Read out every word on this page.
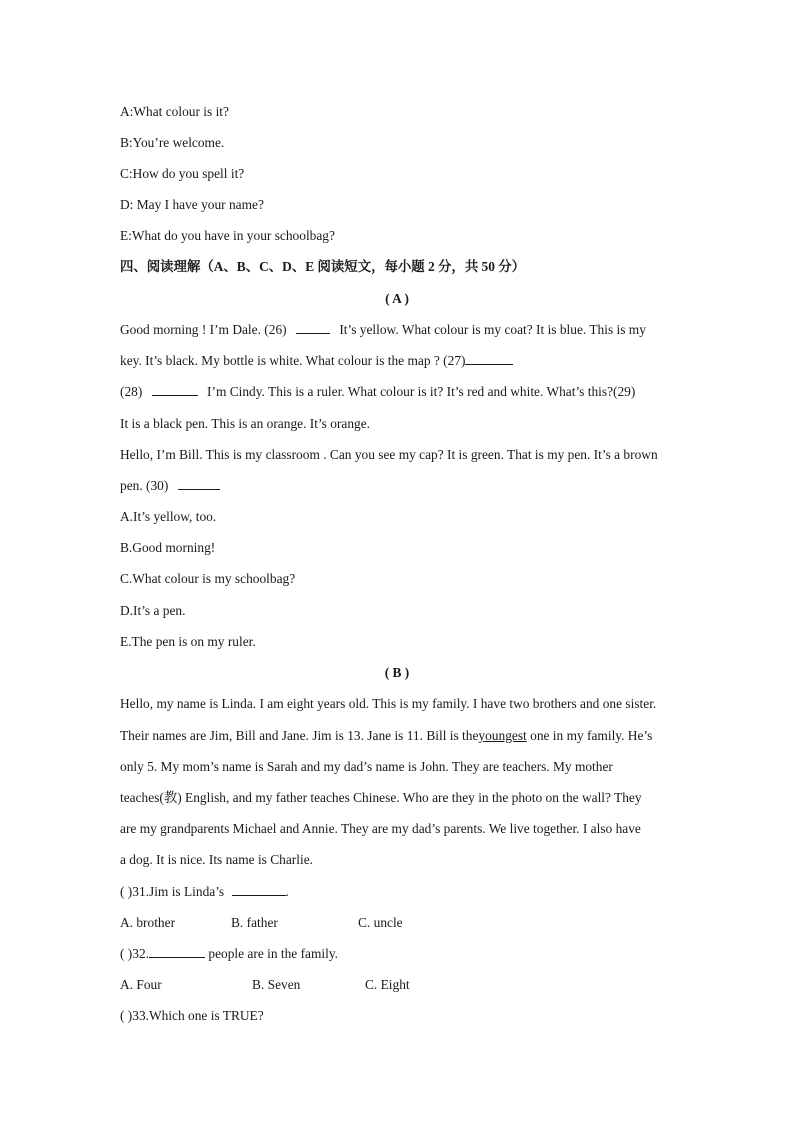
A:What colour is it?
B:You’re welcome.
C:How do you spell it?
D: May I have your name?
E:What do you have in your schoolbag?
四、阅读理解（A、B、C、D、E 阅读短文，每小题 2 分，共 50 分）
( A )
Good morning ! I’m Dale. (26)	It’s yellow. What colour is my coat? It is blue. This is my
key. It’s black. My bottle is white. What colour is the map ? (27)
(28)	I’m Cindy. This is a ruler. What colour is it? It’s red and white. What’s this?(29)
It is a black pen. This is an orange. It’s orange.
Hello, I’m Bill. This is my classroom . Can you see my cap? It is green. That is my pen. It’s a brown
pen. (30)
A.It’s yellow, too.
B.Good morning!
C.What colour is my schoolbag?
D.It’s a pen.
E.The pen is on my ruler.
( B )
Hello, my name is Linda. I am eight years old. This is my family. I have two brothers and one sister.
Their names are Jim, Bill and Jane. Jim is 13. Jane is 11. Bill is theyoungest one in my family. He’s
only 5. My mom’s name is Sarah and my dad’s name is John. They are teachers. My mother
teaches(教) English, and my father teaches Chinese. Who are they in the photo on the wall? They
are my grandparents Michael and Annie. They are my dad’s parents. We live together. I also have
a dog. It is nice. Its name is Charlie.
( )31.Jim is Linda’s	.
A. brother	B. father	C. uncle
( )32.	people are in the family.
A. Four	B. Seven	C. Eight
( )33.Which one is TRUE?
